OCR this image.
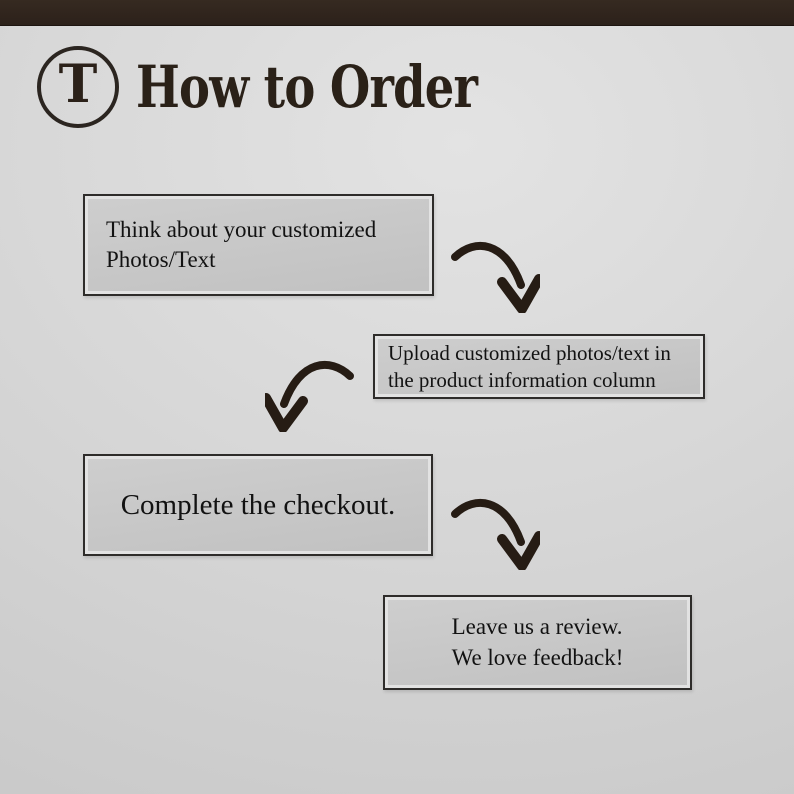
T How to Order
Think about your customized
Photos/Text
Upload customized photos/text in
the product information column
Complete the checkout.
Leave us a review.
We love feedback!
